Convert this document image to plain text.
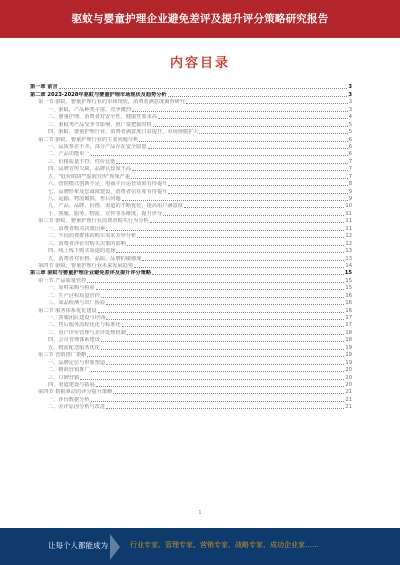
驱蚊与婴童护理企业避免差评及提升评分策略研究报告
内容目录
第一章 前言	3
第二章 2023-2028年驱蚊与婴童护理市场现状及趋势分析	3
第一节 驱蚊、婴童护理行业的市场现状，消费者满意度调查研究	3
一、驱蚊，产品种类丰富，竞争激烈	3
二、婴童护理，消费者对安全性、健康性要求高	4
三、驱蚊类产品受季节影响，推广要把握时机	5
四、驱蚊、婴童护理行业，消费者满意度日益提升，市场规模扩大	5
第二节 驱蚊、婴童护理行业的主要问题分析	6
一、品质参差不齐，部分产品存在安全隐患	6
二、产品功能单一	6
三、价格质量不符，性价比低	7
四、品牌宣传欠缺，品牌认知度不高	7
五、"低价陷阱""虚假宣传"现象严重	7
六、营销模式创新不足，电商平台运营效果有待提升	8
七、品牌形象及忠诚度建设，消费者信任度有待提升	9
八、运输、物流破损，售后问题	9
九、产品、品牌、价格、渠道的不断优化，提高用户满意度	10
十、客服、服务、物流、宣传等多维度，提升评分	11
第三节 驱蚊、婴童护理行业消费者购买行为分析	11
一、消费者购买决策因素	11
二、不同消费群体的购买需求差异分析	12
三、消费者评价对购买决策的影响	12
四、线上线下购买渠道的选择	13
五、消费者对价格、品质、品牌的敏感度	13
第四节 驱蚊、婴童护理行业未来发展趋势	14
第三章 驱蚊与婴童护理企业避免差评及提升评分策略	15
第一节 产品质量管控	15
一、原料采购与检验	15
二、生产过程质量管控	16
三、成品检测与出厂检验	16
第二节 服务体系优化建设	16
一、客服团队建设与培训	17
二、售后服务流程优化与标准化	17
三、用户评价管理与差评处理机制	18
四、会员管理体系建设	18
五、物流配送服务优化	19
第三节 营销推广策略	19
一、品牌定位与形象塑造	19
二、精准营销推广	20
三、口碑营销	20
四、渠道建设与拓展	20
第四节 数据驱动的评分提升策略	21
一、评价数据分析	21
二、差评原因分析与改进	21
1
让每个人都能成为	行业专家、管理专家、营销专家、战略专家、成功企业家……
